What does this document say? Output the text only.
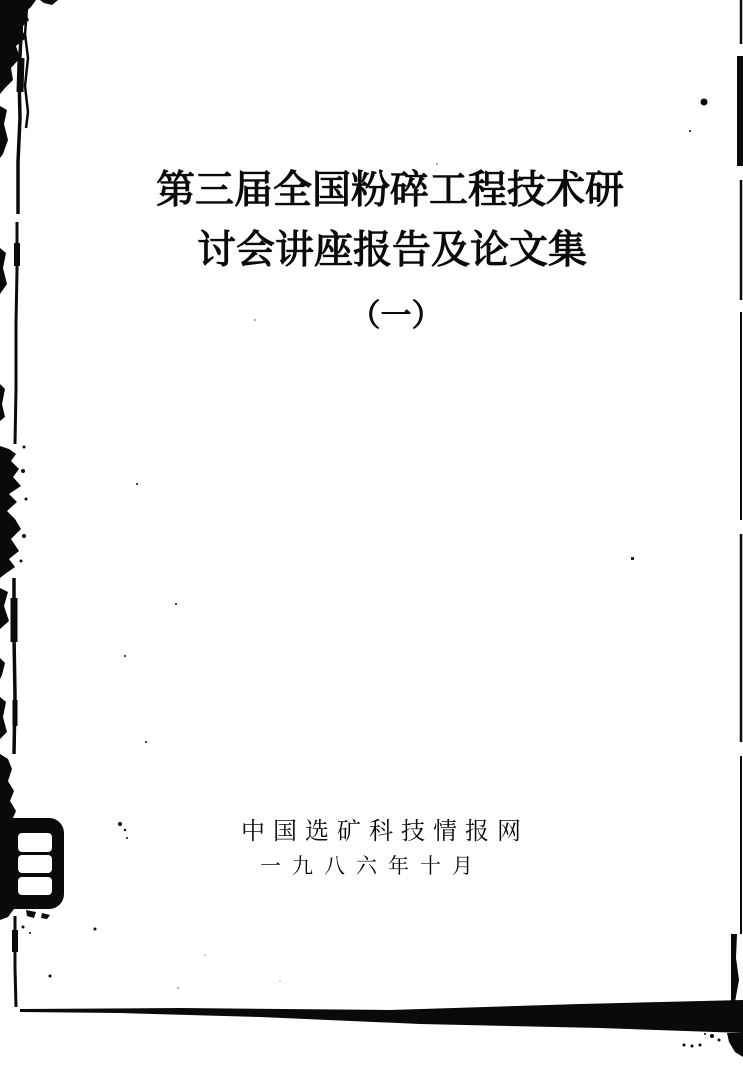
第三届全国粉碎工程技术研
讨会讲座报告及论文集
（一）
中国选矿科技情报网
一九八六年十月
